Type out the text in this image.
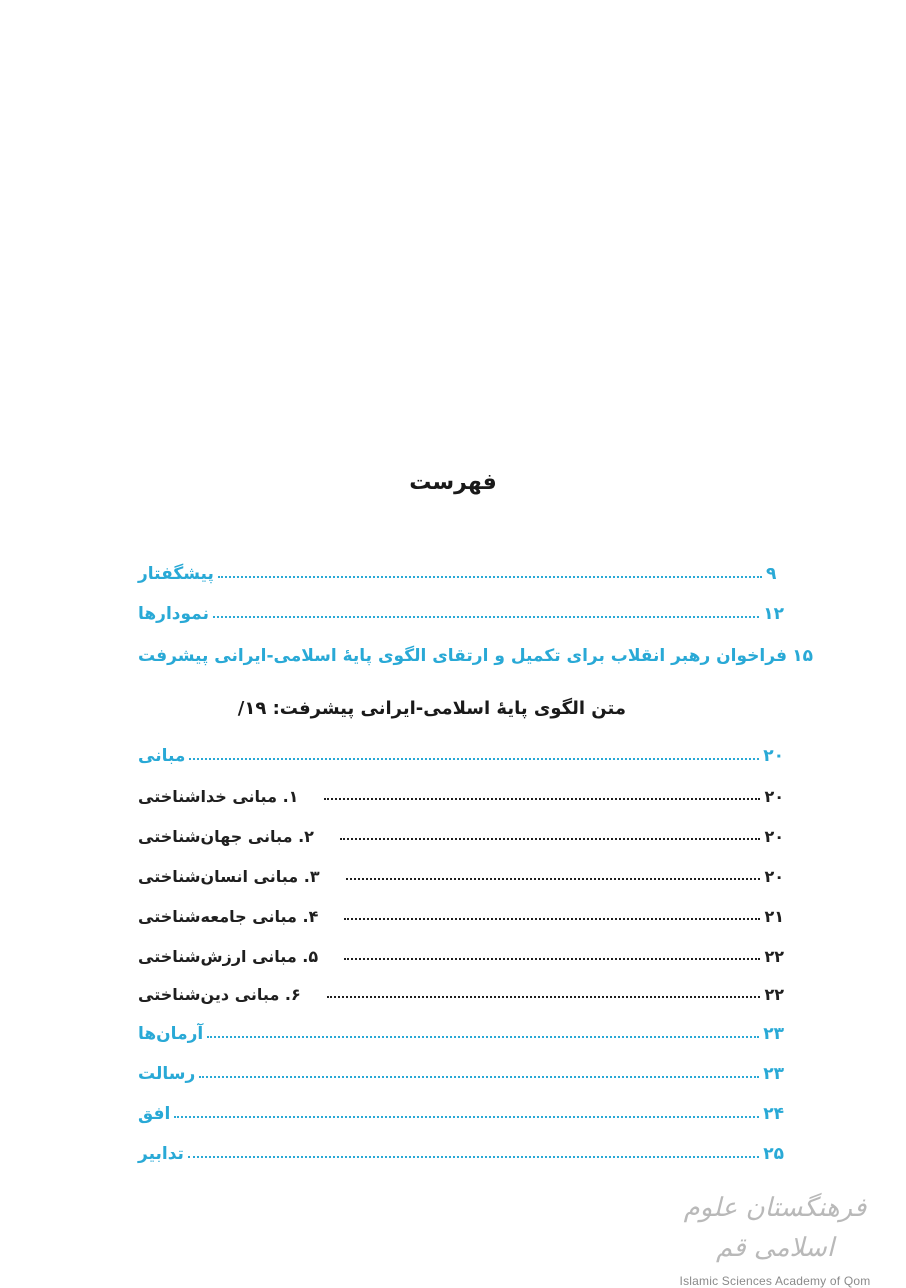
فهرست
پیشگفتار	۹
نمودارها	۱۲
فراخوان رهبر انقلاب برای تکمیل و ارتقای الگوی پایهٔ اسلامی-ایرانی پیشرفت ۱۵
متن الگوی پایهٔ اسلامی-ایرانی پیشرفت: ۱۹/
مبانی	۲۰
۱. مبانی خداشناختی	۲۰
۲. مبانی جهان‌شناختی	۲۰
۳. مبانی انسان‌شناختی	۲۰
۴. مبانی جامعه‌شناختی	۲۱
۵. مبانی ارزش‌شناختی	۲۲
۶. مبانی دین‌شناختی	۲۲
آرمان‌ها	۲۳
رسالت	۲۳
افق	۲۴
تدابیر	۲۵
فرهنگستان علوم اسلامی قم
Islamic Sciences Academy of Qom
